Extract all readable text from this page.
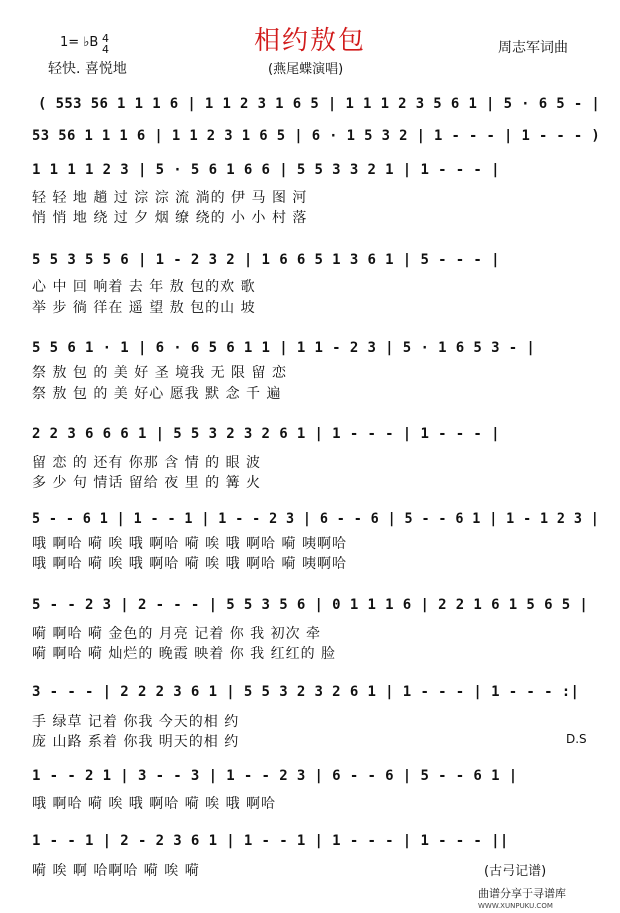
相约敖包
1= ♭B 4
4
轻快. 喜悦地
周志军词曲
(燕尾蝶演唱)
( 553 56 1 1 1 6 | 1 1 2 3 1 6 5 | 1 1 1 2 3 5 6 1 | 5 · 6 5 - |
53 56 1 1 1 6 | 1 1 2 3 1 6 5 | 6 · 1 5 3 2 | 1 - - - | 1 - - - )
1 1 1 1 2 3 | 5 · 5 6 1 6 6 | 5 5 3 3 2 1 | 1 - - - |
轻 轻 地 趟 过 淙 淙 流 淌的 伊 马 图 河
悄 悄 地 绕 过 夕 烟 缭 绕的 小 小 村 落
5 5 3 5 5 6 | 1 - 2 3 2 | 1 6 6 5 1 3 6 1 | 5 - - - |
心 中 回 响着 去 年 敖 包的欢 歌
举 步 徜 徉在 遥 望 敖 包的山 坡
5 5 6 1 · 1 | 6 · 6 5 6 1 1 | 1 1 - 2 3 | 5 · 1 6 5 3 - |
祭 敖 包 的 美 好 圣 境我 无 限 留 恋
祭 敖 包 的 美 好心 愿我 默 念 千 遍
2 2 3 6 6 6 1 | 5 5 3 2 3 2 6 1 | 1 - - - | 1 - - - |
留 恋 的 还有 你那 含 情 的 眼 波
多 少 句 情话 留给 夜 里 的 篝 火
5 - - 6 1 | 1 - - 1 | 1 - - 2 3 | 6 - - 6 | 5 - - 6 1 | 1 - 1 2 3 |
哦 啊哈 嗬 唉 哦 啊哈 嗬 唉 哦 啊哈 嗬 咦啊哈
哦 啊哈 嗬 唉 哦 啊哈 嗬 唉 哦 啊哈 嗬 咦啊哈
5 - - 2 3 | 2 - - - | 5 5 3 5 6 | 0 1 1 1 6 | 2 2 1 6 1 5 6 5 |
嗬 啊哈 嗬 金色的 月亮 记着 你 我 初次 牵
嗬 啊哈 嗬 灿烂的 晚霞 映着 你 我 红红的 脸
3 - - - | 2 2 2 3 6 1 | 5 5 3 2 3 2 6 1 | 1 - - - | 1 - - - :|
手 绿草 记着 你我 今天的相 约
庞 山路 系着 你我 明天的相 约	D.S
1 - - 2 1 | 3 - - 3 | 1 - - 2 3 | 6 - - 6 | 5 - - 6 1 |
哦 啊哈 嗬 唉 哦 啊哈 嗬 唉 哦 啊哈
1 - - 1 | 2 - 2 3 6 1 | 1 - - 1 | 1 - - - | 1 - - - ||
嗬 唉 啊 哈啊哈 嗬 唉 嗬	(古弓记谱)
曲谱分享于寻谱库
WWW.XUNPUKU.COM
